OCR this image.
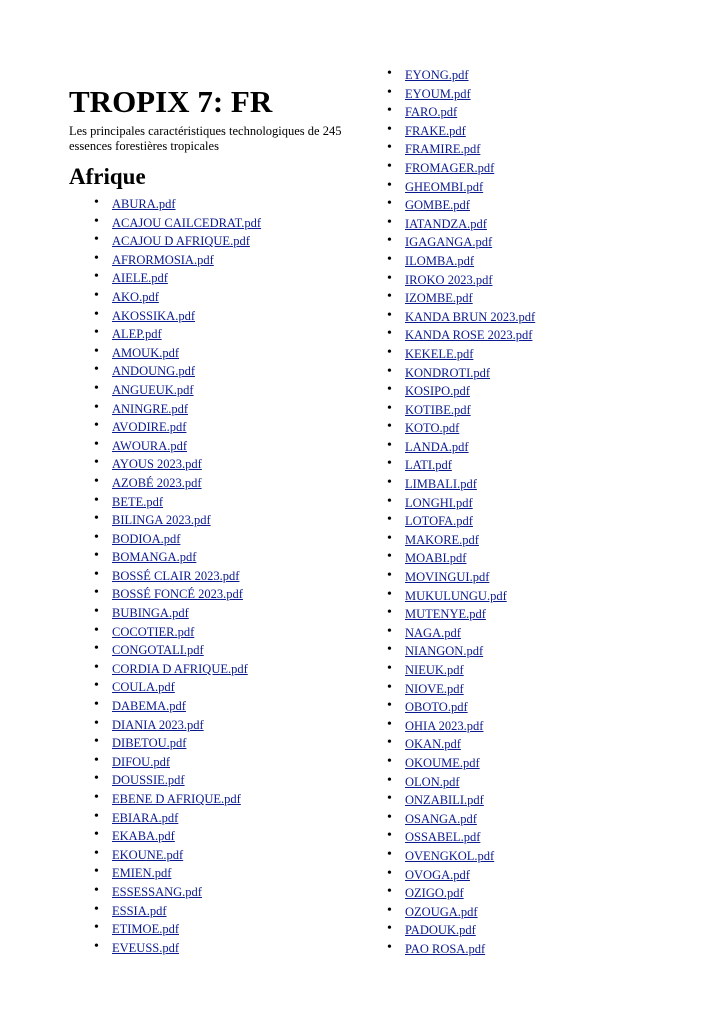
TROPIX 7: FR

Les principales caractéristiques technologiques de 245 essences forestières tropicales

Afrique
• ABURA.pdf
• ACAJOU CAILCEDRAT.pdf
• ACAJOU D AFRIQUE.pdf
• AFRORMOSIA.pdf
• AIELE.pdf
• AKO.pdf
• AKOSSIKA.pdf
• ALEP.pdf
• AMOUK.pdf
• ANDOUNG.pdf
• ANGUEUK.pdf
• ANINGRE.pdf
• AVODIRE.pdf
• AWOURA.pdf
• AYOUS 2023.pdf
• AZOBÉ 2023.pdf
• BETE.pdf
• BILINGA 2023.pdf
• BODIOA.pdf
• BOMANGA.pdf
• BOSSÉ CLAIR 2023.pdf
• BOSSÉ FONCÉ 2023.pdf
• BUBINGA.pdf
• COCOTIER.pdf
• CONGOTALI.pdf
• CORDIA D AFRIQUE.pdf
• COULA.pdf
• DABEMA.pdf
• DIANIA 2023.pdf
• DIBETOU.pdf
• DIFOU.pdf
• DOUSSIE.pdf
• EBENE D AFRIQUE.pdf
• EBIARA.pdf
• EKABA.pdf
• EKOUNE.pdf
• EMIEN.pdf
• ESSESSANG.pdf
• ESSIA.pdf
• ETIMOE.pdf
• EVEUSS.pdf
• EYONG.pdf
• EYOUM.pdf
• FARO.pdf
• FRAKE.pdf
• FRAMIRE.pdf
• FROMAGER.pdf
• GHEOMBI.pdf
• GOMBE.pdf
• IATANDZA.pdf
• IGAGANGA.pdf
• ILOMBA.pdf
• IROKO 2023.pdf
• IZOMBE.pdf
• KANDA BRUN 2023.pdf
• KANDA ROSE 2023.pdf
• KEKELE.pdf
• KONDROTI.pdf
• KOSIPO.pdf
• KOTIBE.pdf
• KOTO.pdf
• LANDA.pdf
• LATI.pdf
• LIMBALI.pdf
• LONGHI.pdf
• LOTOFA.pdf
• MAKORE.pdf
• MOABI.pdf
• MOVINGUI.pdf
• MUKULUNGU.pdf
• MUTENYE.pdf
• NAGA.pdf
• NIANGON.pdf
• NIEUK.pdf
• NIOVE.pdf
• OBOTO.pdf
• OHIA 2023.pdf
• OKAN.pdf
• OKOUME.pdf
• OLON.pdf
• ONZABILI.pdf
• OSANGA.pdf
• OSSABEL.pdf
• OVENGKOL.pdf
• OVOGA.pdf
• OZIGO.pdf
• OZOUGA.pdf
• PADOUK.pdf
• PAO ROSA.pdf
